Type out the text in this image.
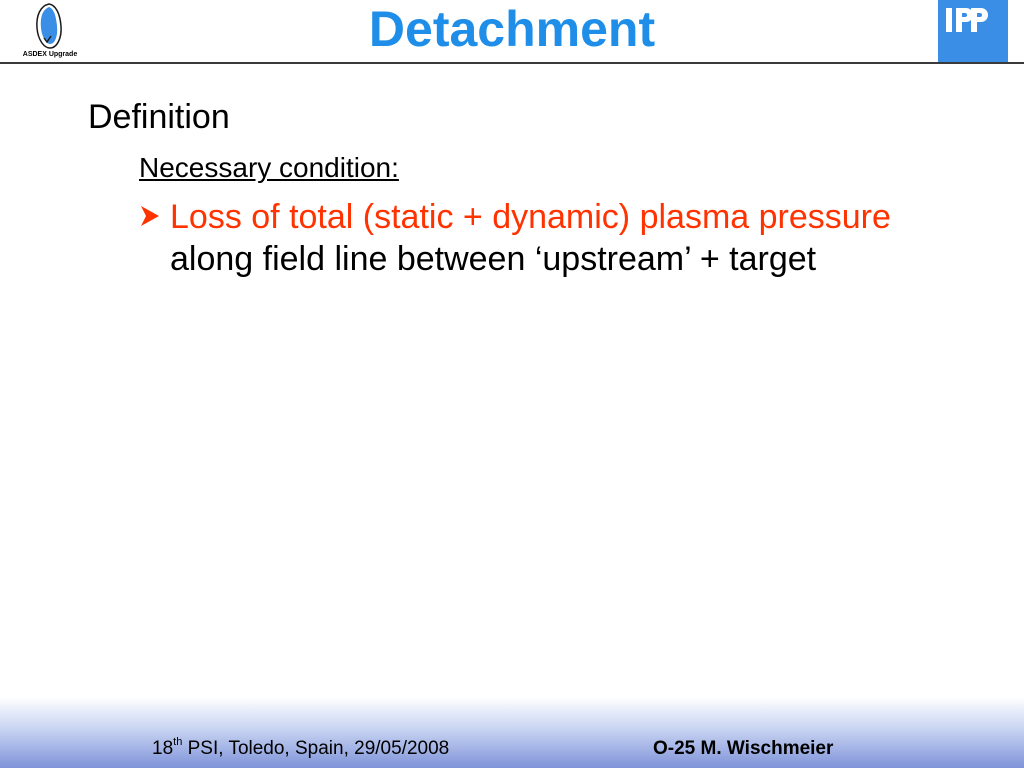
ASDEX Upgrade	Detachment
Definition
Necessary condition:
Loss of total (static + dynamic) plasma pressure along field line between ‘upstream’ + target
18th PSI, Toledo, Spain, 29/05/2008	O-25 M. Wischmeier
